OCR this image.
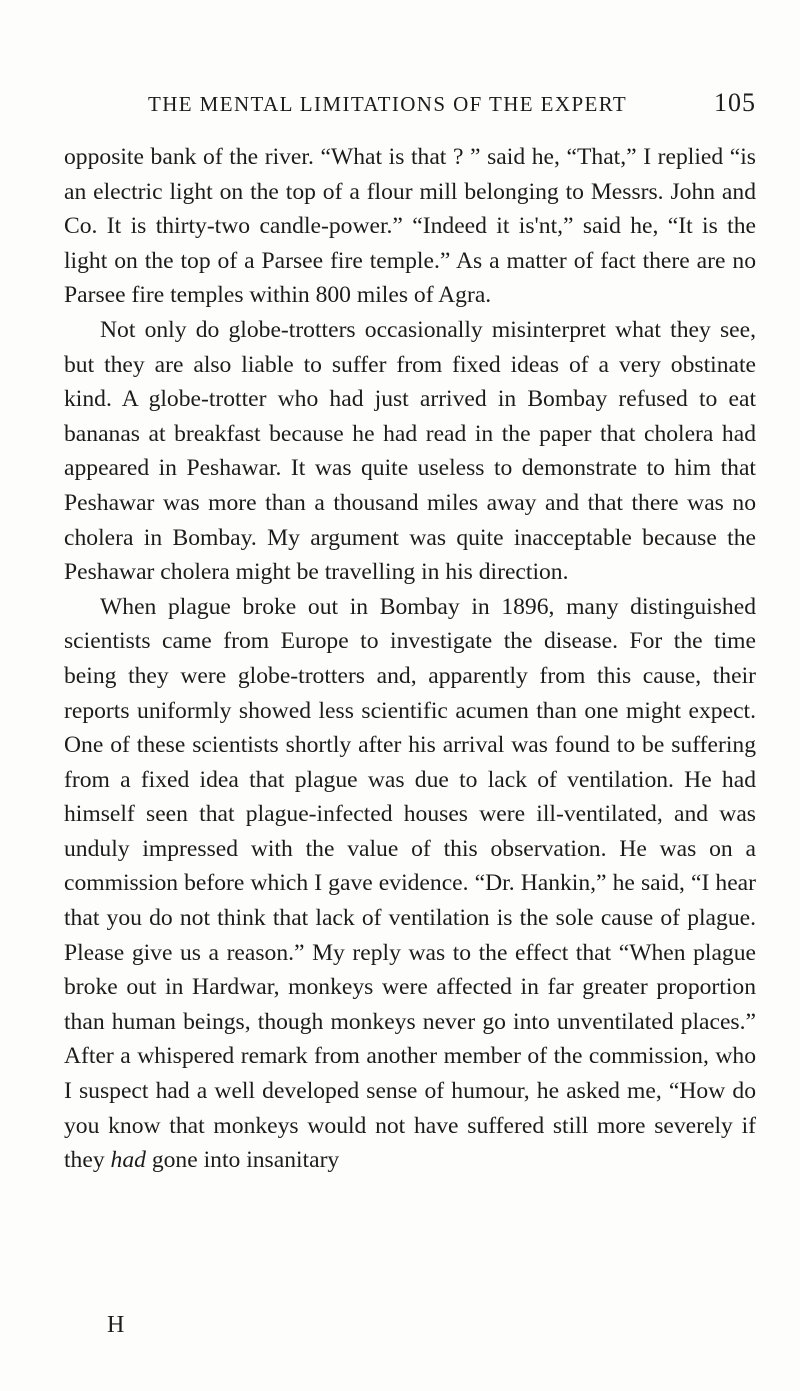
THE MENTAL LIMITATIONS OF THE EXPERT	105

opposite bank of the river. “What is that ? ” said he, “That,” I replied “is an electric light on the top of a flour mill belonging to Messrs. John and Co. It is thirty-two candle-power.” “Indeed it is'nt,” said he, “It is the light on the top of a Parsee fire temple.” As a matter of fact there are no Parsee fire temples within 800 miles of Agra.

Not only do globe-trotters occasionally misinterpret what they see, but they are also liable to suffer from fixed ideas of a very obstinate kind. A globe-trotter who had just arrived in Bombay refused to eat bananas at breakfast because he had read in the paper that cholera had appeared in Peshawar. It was quite useless to demonstrate to him that Peshawar was more than a thousand miles away and that there was no cholera in Bombay. My argument was quite inacceptable because the Peshawar cholera might be travelling in his direction.

When plague broke out in Bombay in 1896, many distinguished scientists came from Europe to investigate the disease. For the time being they were globe-trotters and, apparently from this cause, their reports uniformly showed less scientific acumen than one might expect. One of these scientists shortly after his arrival was found to be suffering from a fixed idea that plague was due to lack of ventilation. He had himself seen that plague-infected houses were ill-ventilated, and was unduly impressed with the value of this observation. He was on a commission before which I gave evidence. “Dr. Hankin,” he said, “I hear that you do not think that lack of ventilation is the sole cause of plague. Please give us a reason.” My reply was to the effect that “When plague broke out in Hardwar, monkeys were affected in far greater proportion than human beings, though monkeys never go into unventilated places.” After a whispered remark from another member of the commission, who I suspect had a well developed sense of humour, he asked me, “How do you know that monkeys would not have suffered still more severely if they had gone into insanitary

H
